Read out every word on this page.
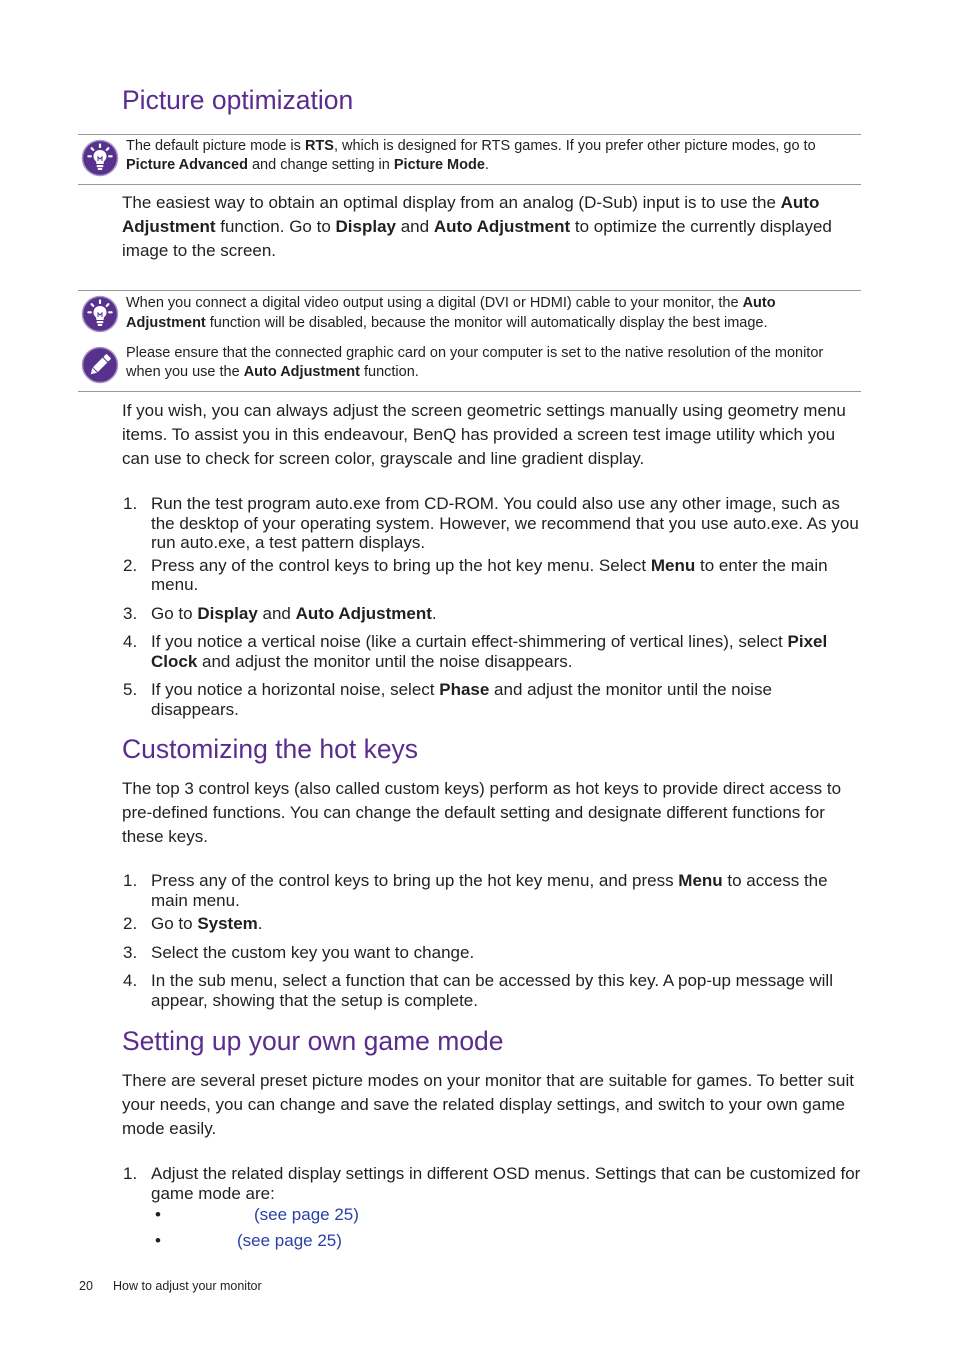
Picture optimization
The default picture mode is RTS, which is designed for RTS games. If you prefer other picture modes, go to Picture Advanced and change setting in Picture Mode.

The easiest way to obtain an optimal display from an analog (D-Sub) input is to use the Auto Adjustment function. Go to Display and Auto Adjustment to optimize the currently displayed image to the screen.

When you connect a digital video output using a digital (DVI or HDMI) cable to your monitor, the Auto Adjustment function will be disabled, because the monitor will automatically display the best image.
Please ensure that the connected graphic card on your computer is set to the native resolution of the monitor when you use the Auto Adjustment function.

If you wish, you can always adjust the screen geometric settings manually using geometry menu items. To assist you in this endeavour, BenQ has provided a screen test image utility which you can use to check for screen color, grayscale and line gradient display.

1. Run the test program auto.exe from CD-ROM. You could also use any other image, such as the desktop of your operating system. However, we recommend that you use auto.exe. As you run auto.exe, a test pattern displays.
2. Press any of the control keys to bring up the hot key menu. Select Menu to enter the main menu.
3. Go to Display and Auto Adjustment.
4. If you notice a vertical noise (like a curtain effect-shimmering of vertical lines), select Pixel Clock and adjust the monitor until the noise disappears.
5. If you notice a horizontal noise, select Phase and adjust the monitor until the noise disappears.
Customizing the hot keys

The top 3 control keys (also called custom keys) perform as hot keys to provide direct access to pre-defined functions. You can change the default setting and designate different functions for these keys.

1. Press any of the control keys to bring up the hot key menu, and press Menu to access the main menu.
2. Go to System.
3. Select the custom key you want to change.
4. In the sub menu, select a function that can be accessed by this key. A pop-up message will appear, showing that the setup is complete.
Setting up your own game mode

There are several preset picture modes on your monitor that are suitable for games. To better suit your needs, you can change and save the related display settings, and switch to your own game mode easily.

1. Adjust the related display settings in different OSD menus. Settings that can be customized for game mode are:
•	(see page 25)
•	(see page 25)
20 How to adjust your monitor
